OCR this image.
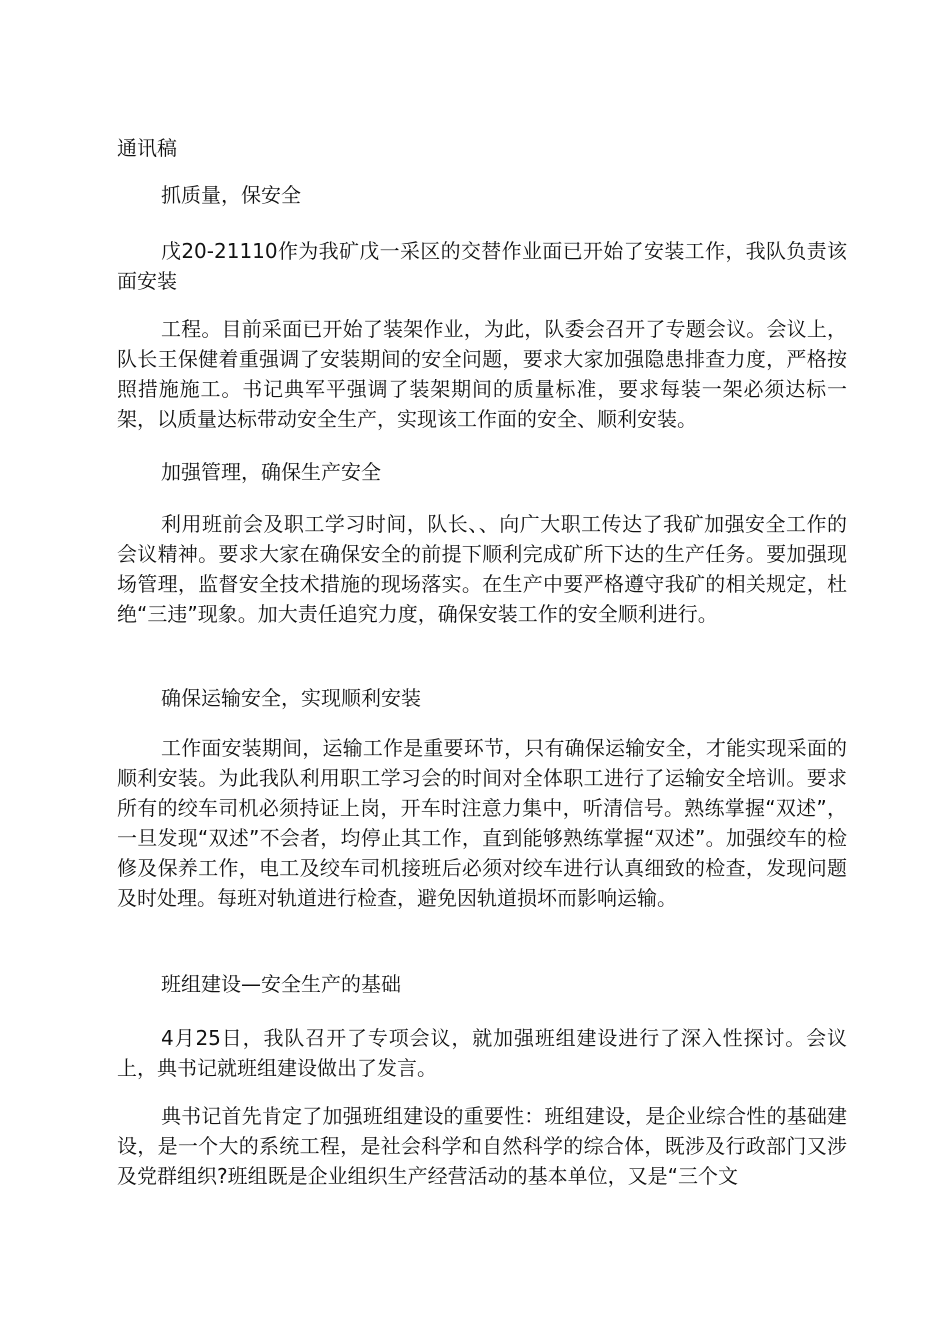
通讯稿

抓质量，保安全

戊20-21110作为我矿戊一采区的交替作业面已开始了安装工作，我队负责该面安装

工程。目前采面已开始了装架作业，为此，队委会召开了专题会议。会议上，队长王保健着重强调了安装期间的安全问题，要求大家加强隐患排查力度，严格按照措施施工。书记典军平强调了装架期间的质量标准，要求每装一架必须达标一架，以质量达标带动安全生产，实现该工作面的安全、顺利安装。

加强管理，确保生产安全

利用班前会及职工学习时间，队长、、向广大职工传达了我矿加强安全工作的会议精神。要求大家在确保安全的前提下顺利完成矿所下达的生产任务。要加强现场管理，监督安全技术措施的现场落实。在生产中要严格遵守我矿的相关规定，杜绝“三违”现象。加大责任追究力度，确保安装工作的安全顺利进行。

确保运输安全，实现顺利安装

工作面安装期间，运输工作是重要环节，只有确保运输安全，才能实现采面的顺利安装。为此我队利用职工学习会的时间对全体职工进行了运输安全培训。要求所有的绞车司机必须持证上岗，开车时注意力集中，听清信号。熟练掌握“双述”，一旦发现“双述”不会者，均停止其工作，直到能够熟练掌握“双述”。加强绞车的检修及保养工作，电工及绞车司机接班后必须对绞车进行认真细致的检查，发现问题及时处理。每班对轨道进行检查，避免因轨道损坏而影响运输。

班组建设—安全生产的基础

4月25日，我队召开了专项会议，就加强班组建设进行了深入性探讨。会议上，典书记就班组建设做出了发言。

典书记首先肯定了加强班组建设的重要性：班组建设，是企业综合性的基础建设，是一个大的系统工程，是社会科学和自然科学的综合体，既涉及行政部门又涉及党群组织?班组既是企业组织生产经营活动的基本单位，又是“三个文
